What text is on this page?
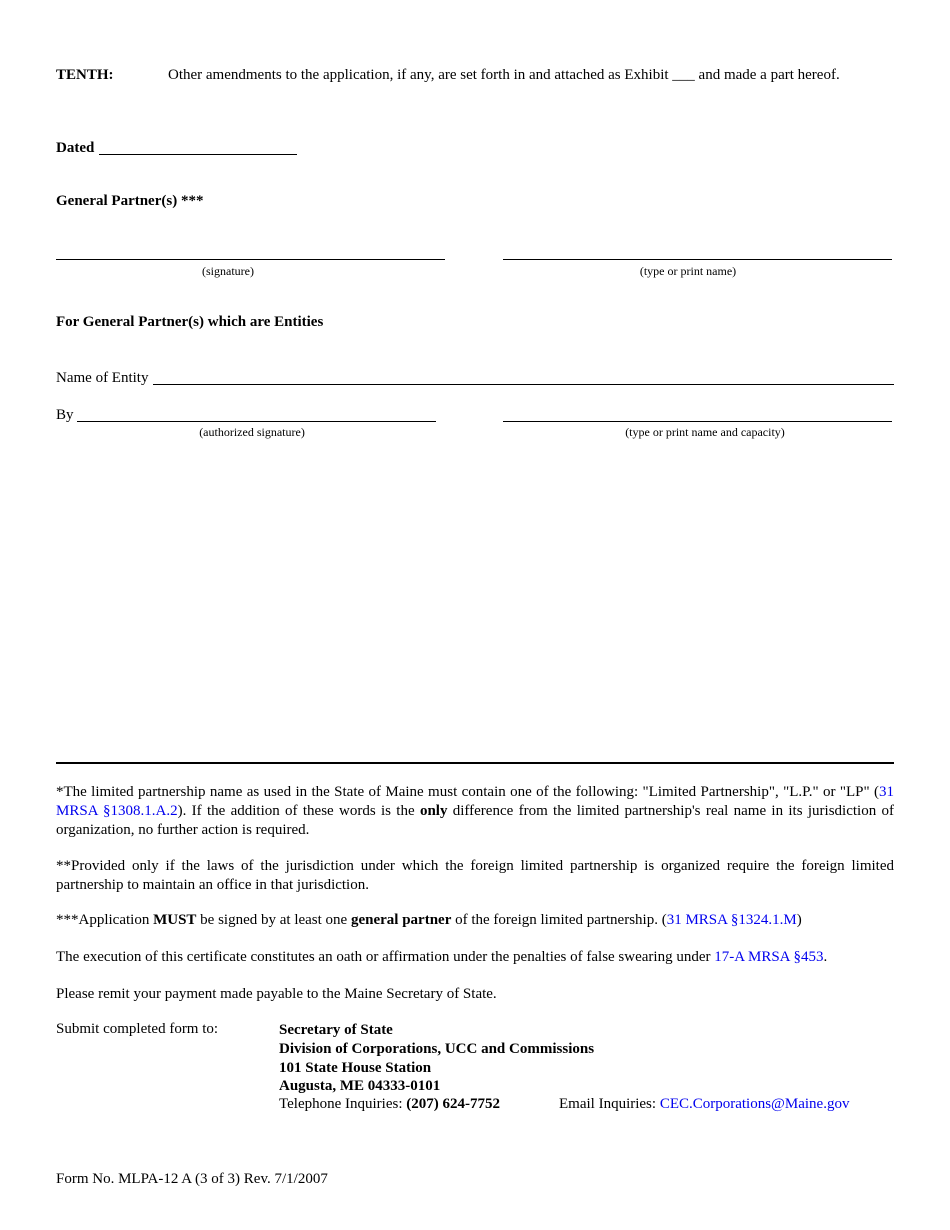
TENTH:	Other amendments to the application, if any, are set forth in and attached as Exhibit ___ and made a part hereof.
Dated
General Partner(s) ***
(signature)	(type or print name)
For General Partner(s) which are Entities
Name of Entity
By
(authorized signature)	(type or print name and capacity)
*The limited partnership name as used in the State of Maine must contain one of the following: "Limited Partnership", "L.P." or "LP" (31 MRSA §1308.1.A.2). If the addition of these words is the only difference from the limited partnership's real name in its jurisdiction of organization, no further action is required.
**Provided only if the laws of the jurisdiction under which the foreign limited partnership is organized require the foreign limited partnership to maintain an office in that jurisdiction.
***Application MUST be signed by at least one general partner of the foreign limited partnership. (31 MRSA §1324.1.M)
The execution of this certificate constitutes an oath or affirmation under the penalties of false swearing under 17-A MRSA §453.
Please remit your payment made payable to the Maine Secretary of State.
Submit completed form to:	Secretary of State
Division of Corporations, UCC and Commissions
101 State House Station
Augusta, ME 04333-0101
Telephone Inquiries: (207) 624-7752	Email Inquiries: CEC.Corporations@Maine.gov
Form No. MLPA-12 A (3 of 3) Rev. 7/1/2007
